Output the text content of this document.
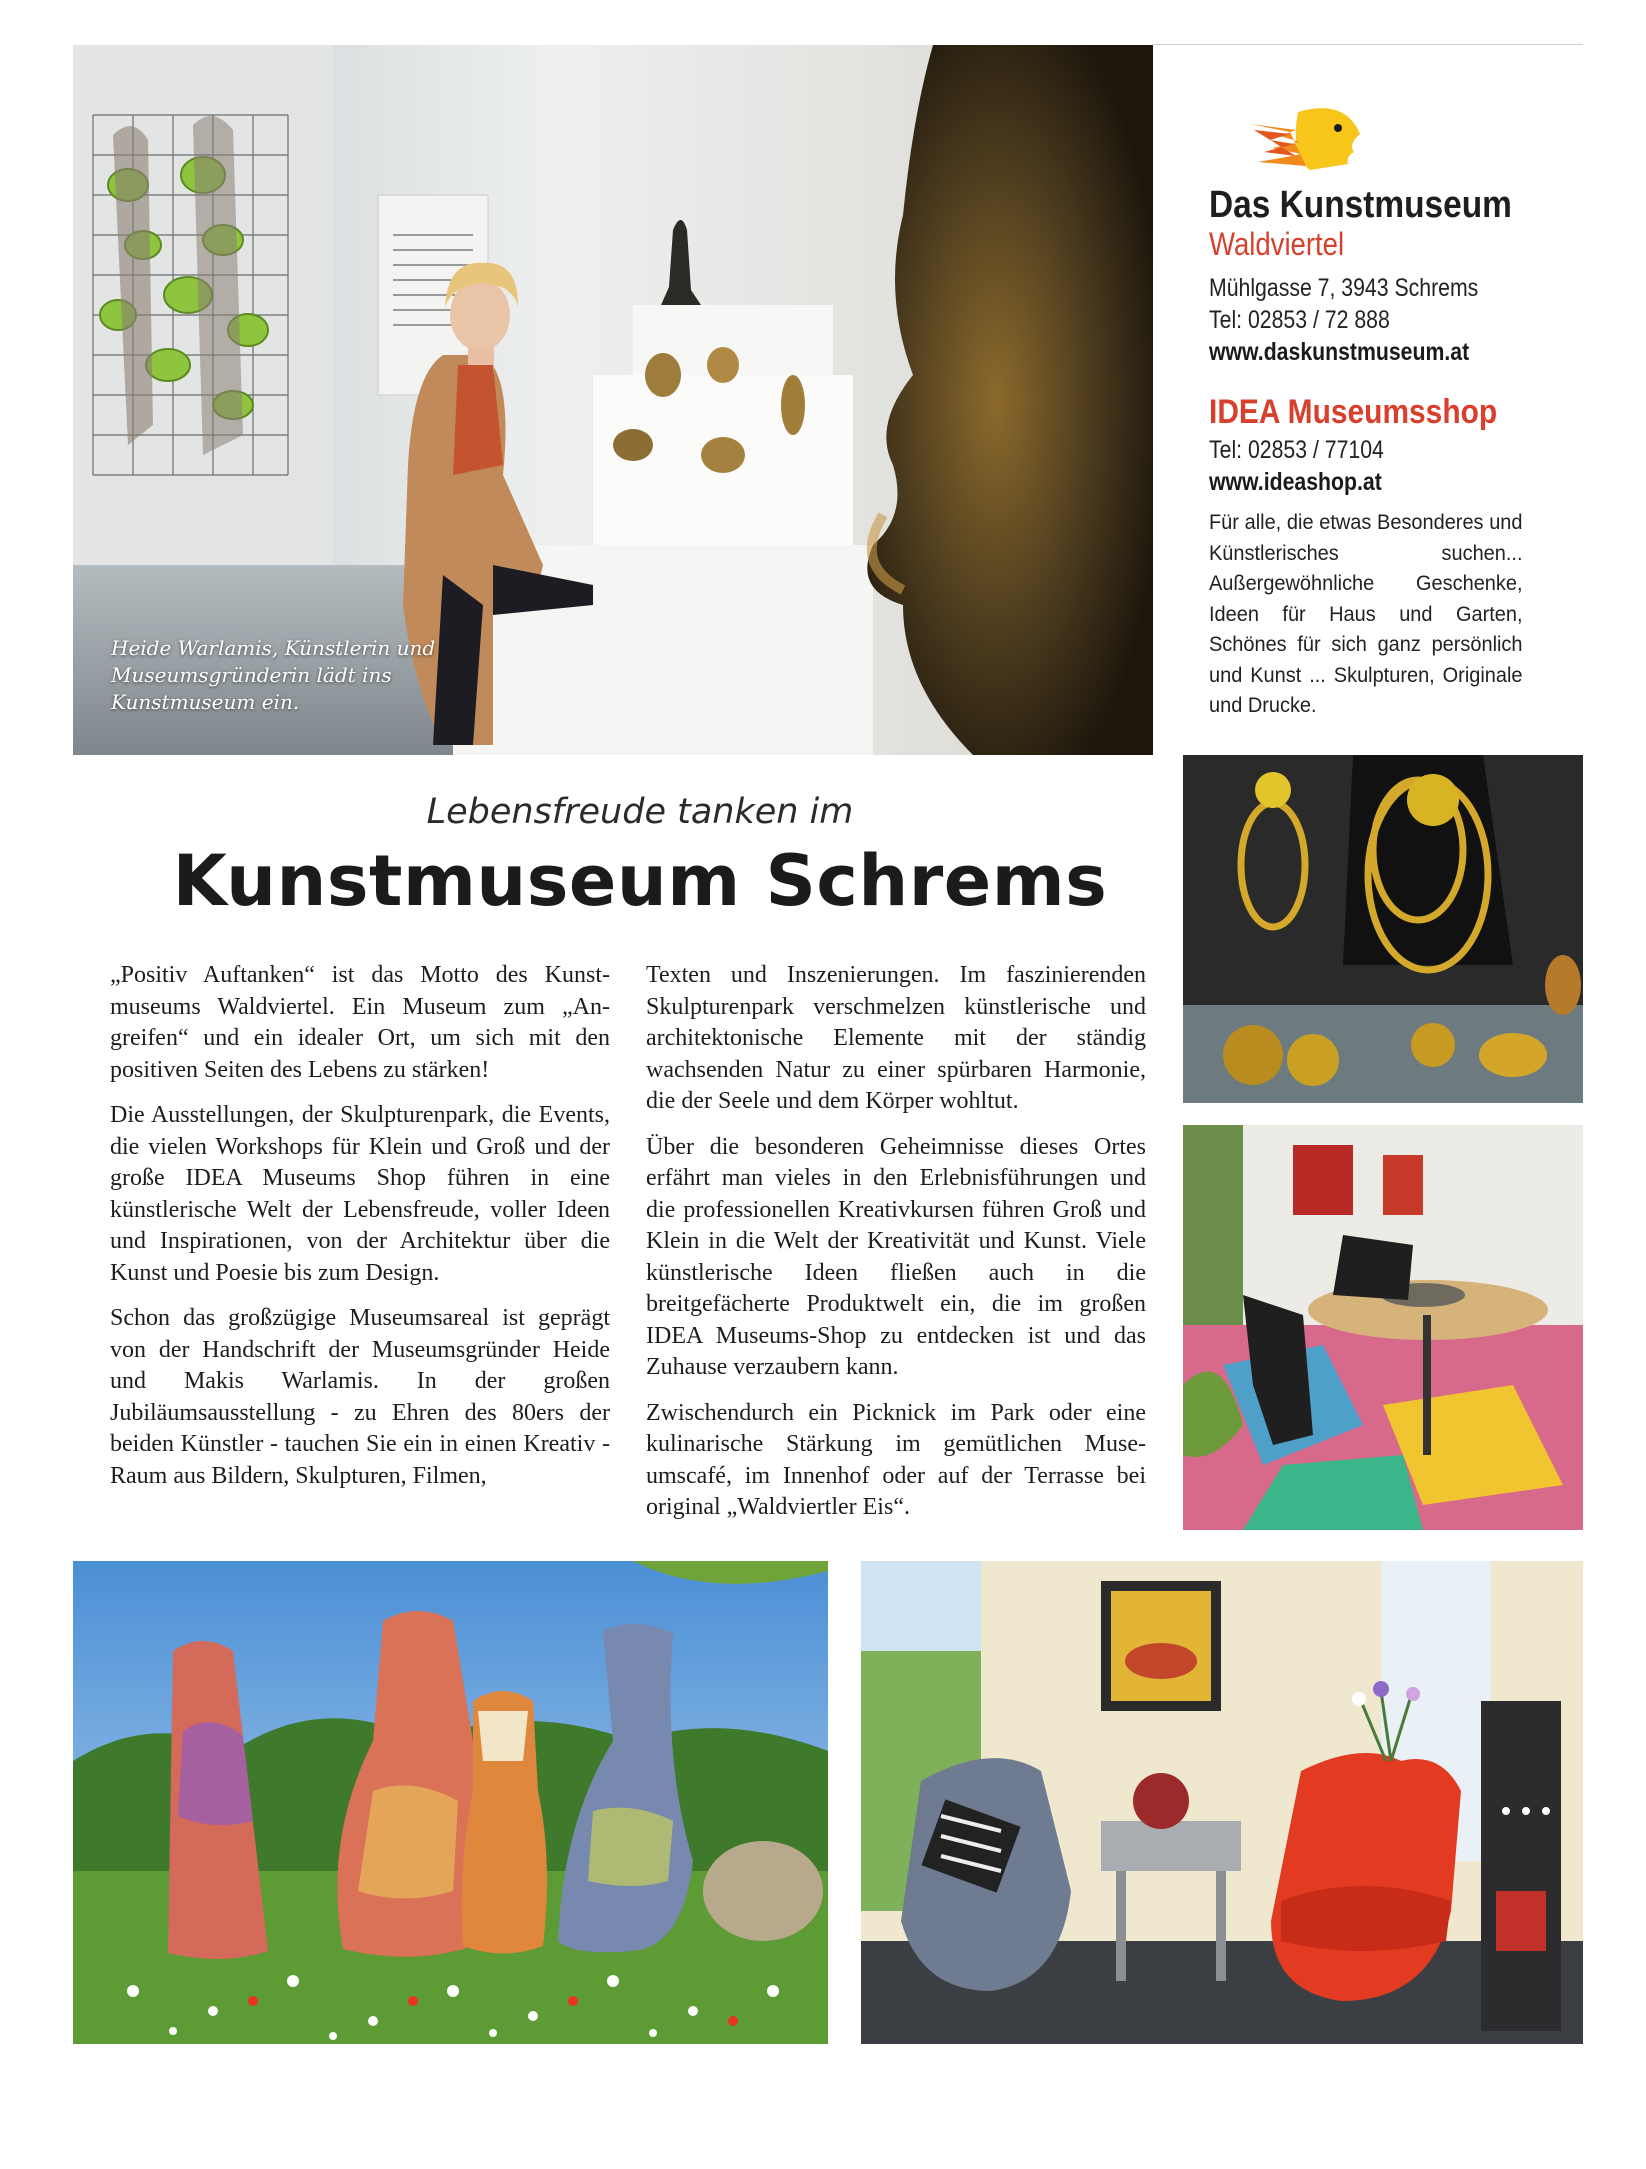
Heide Warlamis, Künstlerin und Museumsgründerin lädt ins Kunstmuseum ein.
Das Kunstmuseum
Waldviertel
Mühlgasse 7, 3943 Schrems
Tel: 02853 / 72 888
www.daskunstmuseum.at
IDEA Museumsshop
Tel: 02853 / 77104
www.ideashop.at
Für alle, die etwas Besonderes und Künstlerisches suchen... Außergewöhnliche Geschenke, Ideen für Haus und Garten, Schönes für sich ganz persönlich und Kunst ... Skulpturen, Originale und Drucke.
Lebensfreude tanken im
Kunstmuseum Schrems

„Positiv Auftanken“ ist das Motto des Kunstmuseums Waldviertel. Ein Museum zum „Angreifen“ und ein idealer Ort, um sich mit den positiven Seiten des Lebens zu stärken!

Die Ausstellungen, der Skulpturenpark, die Events, die vielen Workshops für Klein und Groß und der große IDEA Museums Shop führen in eine künstlerische Welt der Lebensfreude, voller Ideen und Inspirationen, von der Architektur über die Kunst und Poesie bis zum Design.

Schon das großzügige Museumsareal ist geprägt von der Handschrift der Museumsgründer Heide und Makis Warlamis. In der großen Jubiläumsausstellung - zu Ehren des 80ers der beiden Künstler - tauchen Sie ein in einen Kreativ - Raum aus Bildern, Skulpturen, Filmen,

Texten und Inszenierungen. Im faszinierenden Skulpturenpark verschmelzen künstlerische und architektonische Elemente mit der ständig wachsenden Natur zu einer spürbaren Harmonie, die der Seele und dem Körper wohltut.

Über die besonderen Geheimnisse dieses Ortes erfährt man vieles in den Erlebnisführungen und die professionellen Kreativkursen führen Groß und Klein in die Welt der Kreativität und Kunst. Viele künstlerische Ideen fließen auch in die breitgefächerte Produktwelt ein, die im großen IDEA Museums-Shop zu entdecken ist und das Zuhause verzaubern kann.

Zwischendurch ein Picknick im Park oder eine kulinarische Stärkung im gemütlichen Museumscafé, im Innenhof oder auf der Terrasse bei original „Waldviertler Eis“.
